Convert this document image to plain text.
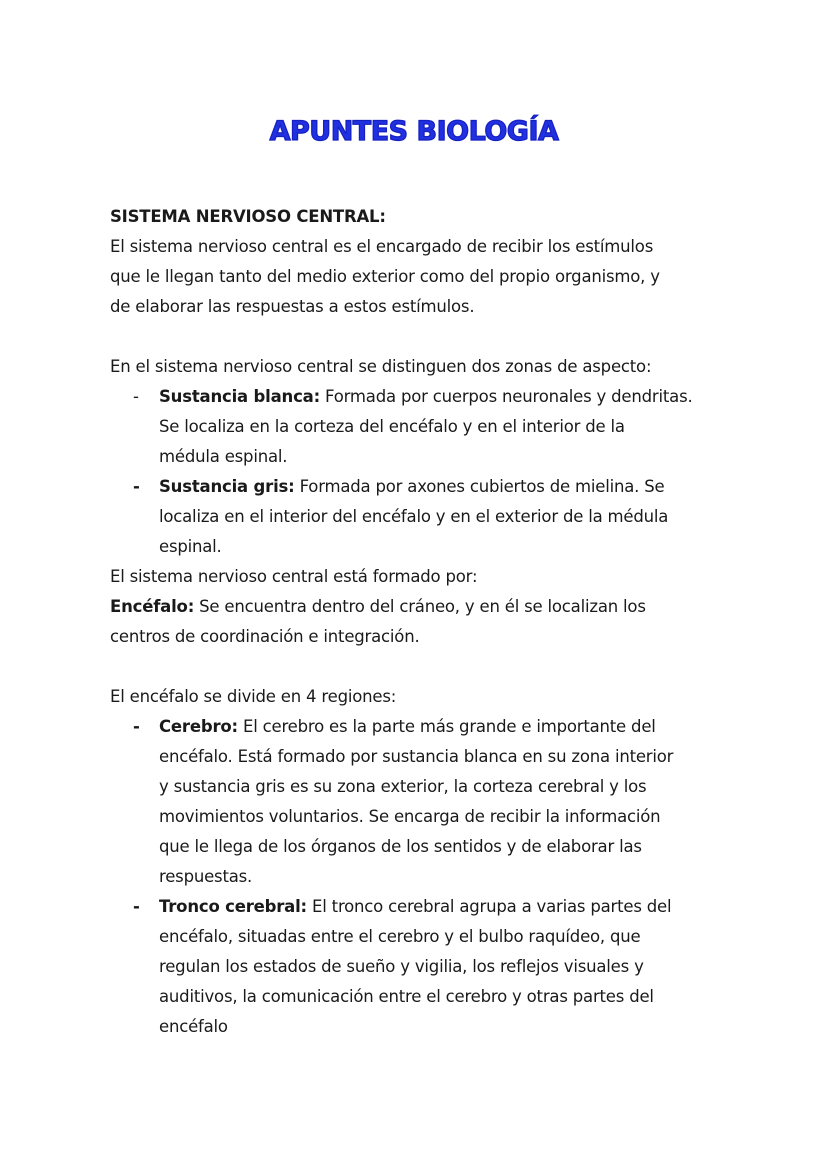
APUNTES BIOLOGÍA
SISTEMA NERVIOSO CENTRAL:
El sistema nervioso central es el encargado de recibir los estímulos
que le llegan tanto del medio exterior como del propio organismo, y
de elaborar las respuestas a estos estímulos.
En el sistema nervioso central se distinguen dos zonas de aspecto:
- Sustancia blanca: Formada por cuerpos neuronales y dendritas.
Se localiza en la corteza del encéfalo y en el interior de la
médula espinal.
- Sustancia gris: Formada por axones cubiertos de mielina. Se
localiza en el interior del encéfalo y en el exterior de la médula
espinal.
El sistema nervioso central está formado por:
Encéfalo: Se encuentra dentro del cráneo, y en él se localizan los
centros de coordinación e integración.
El encéfalo se divide en 4 regiones:
- Cerebro: El cerebro es la parte más grande e importante del
encéfalo. Está formado por sustancia blanca en su zona interior
y sustancia gris es su zona exterior, la corteza cerebral y los
movimientos voluntarios. Se encarga de recibir la información
que le llega de los órganos de los sentidos y de elaborar las
respuestas.
- Tronco cerebral: El tronco cerebral agrupa a varias partes del
encéfalo, situadas entre el cerebro y el bulbo raquídeo, que
regulan los estados de sueño y vigilia, los reflejos visuales y
auditivos, la comunicación entre el cerebro y otras partes del
encéfalo
